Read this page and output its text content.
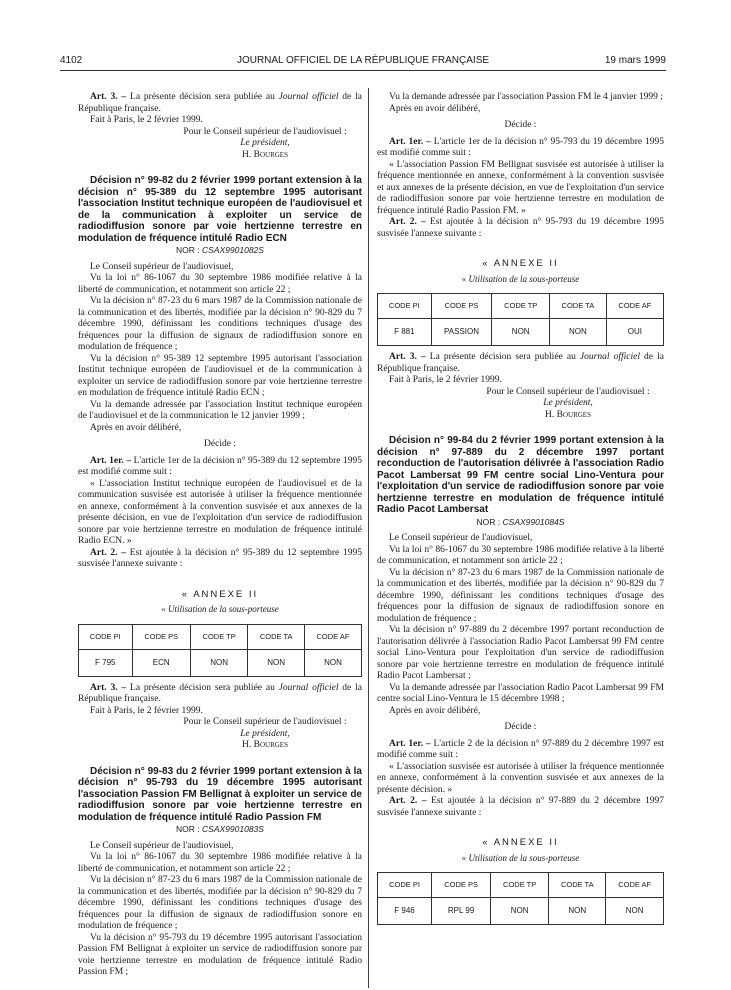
4102	JOURNAL OFFICIEL DE LA RÉPUBLIQUE FRANÇAISE	19 mars 1999

Art. 3. – La présente décision sera publiée au Journal officiel de la République française.

Fait à Paris, le 2 février 1999.

Pour le Conseil supérieur de l'audiovisuel :
Le président,
H. Bourges

Décision n° 99-82 du 2 février 1999 portant extension à la décision n° 95-389 du 12 septembre 1995 autorisant l'association Institut technique européen de l'audiovisuel et de la communication à exploiter un service de radiodiffusion sonore par voie hertzienne terrestre en modulation de fréquence intitulé Radio ECN

NOR : CSAX9901082S

Le Conseil supérieur de l'audiovisuel,

Vu la loi n° 86-1067 du 30 septembre 1986 modifiée relative à la liberté de communication, et notamment son article 22 ;

Vu la décision n° 87-23 du 6 mars 1987 de la Commission nationale de la communication et des libertés, modifiée par la décision n° 90-829 du 7 décembre 1990, définissant les conditions techniques d'usage des fréquences pour la diffusion de signaux de radiodiffusion sonore en modulation de fréquence ;

Vu la décision n° 95-389 12 septembre 1995 autorisant l'association Institut technique européen de l'audiovisuel et de la communication à exploiter un service de radiodiffusion sonore par voie hertzienne terrestre en modulation de fréquence intitulé Radio ECN ;

Vu la demande adressée par l'association Institut technique européen de l'audiovisuel et de la communication le 12 janvier 1999 ;

Après en avoir délibéré,

Décide :

Art. 1er. – L'article 1er de la décision n° 95-389 du 12 septembre 1995 est modifié comme suit :

« L'association Institut technique européen de l'audiovisuel et de la communication susvisée est autorisée à utiliser la fréquence mentionnée en annexe, conformément à la convention susvisée et aux annexes de la présente décision, en vue de l'exploitation d'un service de radiodiffusion sonore par voie hertzienne terrestre en modulation de fréquence intitulé Radio ECN. »

Art. 2. – Est ajoutée à la décision n° 95-389 du 12 septembre 1995 susvisée l'annexe suivante :

« ANNEXE II
« Utilisation de la sous-porteuse
CODE PI	CODE PS	CODE TP	CODE TA	CODE AF
F 795	ECN	NON	NON	NON

Art. 3. – La présente décision sera publiée au Journal officiel de la République française.

Fait à Paris, le 2 février 1999.

Pour le Conseil supérieur de l'audiovisuel :
Le président,
H. Bourges

Décision n° 99-83 du 2 février 1999 portant extension à la décision n° 95-793 du 19 décembre 1995 autorisant l'association Passion FM Bellignat à exploiter un service de radiodiffusion sonore par voie hertzienne terrestre en modulation de fréquence intitulé Radio Passion FM

NOR : CSAX9901083S

Le Conseil supérieur de l'audiovisuel,

Vu la loi n° 86-1067 du 30 septembre 1986 modifiée relative à la liberté de communication, et notamment son article 22 ;

Vu la décision n° 87-23 du 6 mars 1987 de la Commission nationale de la communication et des libertés, modifiée par la décision n° 90-829 du 7 décembre 1990, définissant les conditions techniques d'usage des fréquences pour la diffusion de signaux de radiodiffusion sonore en modulation de fréquence ;

Vu la décision n° 95-793 du 19 décembre 1995 autorisant l'association Passion FM Bellignat à exploiter un service de radiodiffusion sonore par voie hertzienne terrestre en modulation de fréquence intitulé Radio Passion FM ;

Vu la demande adressée par l'association Passion FM le 4 janvier 1999 ;

Après en avoir délibéré,

Décide :

Art. 1er. – L'article 1er de la décision n° 95-793 du 19 décembre 1995 est modifié comme suit :

« L'association Passion FM Bellignat susvisée est autorisée à utiliser la fréquence mentionnée en annexe, conformément à la convention susvisée et aux annexes de la présente décision, en vue de l'exploitation d'un service de radiodiffusion sonore par voie hertzienne terrestre en modulation de fréquence intitulé Radio Passion FM. »

Art. 2. – Est ajoutée à la décision n° 95-793 du 19 décembre 1995 susvisée l'annexe suivante :

« ANNEXE II
« Utilisation de la sous-porteuse
CODE PI	CODE PS	CODE TP	CODE TA	CODE AF
F 881	PASSION	NON	NON	OUI

Art. 3. – La présente décision sera publiée au Journal officiel de la République française.

Fait à Paris, le 2 février 1999.

Pour le Conseil supérieur de l'audiovisuel :
Le président,
H. Bourges

Décision n° 99-84 du 2 février 1999 portant extension à la décision n° 97-889 du 2 décembre 1997 portant reconduction de l'autorisation délivrée à l'association Radio Pacot Lambersat 99 FM centre social Lino-Ventura pour l'exploitation d'un service de radiodiffusion sonore par voie hertzienne terrestre en modulation de fréquence intitulé Radio Pacot Lambersat

NOR : CSAX9901084S

Le Conseil supérieur de l'audiovisuel,

Vu la loi n° 86-1067 du 30 septembre 1986 modifiée relative à la liberté de communication, et notamment son article 22 ;

Vu la décision n° 87-23 du 6 mars 1987 de la Commission nationale de la communication et des libertés, modifiée par la décision n° 90-829 du 7 décembre 1990, définissant les conditions techniques d'usage des fréquences pour la diffusion de signaux de radiodiffusion sonore en modulation de fréquence ;

Vu la décision n° 97-889 du 2 décembre 1997 portant reconduction de l'autorisation délivrée à l'association Radio Pacot Lambersat 99 FM centre social Lino-Ventura pour l'exploitation d'un service de radiodiffusion sonore par voie hertzienne terrestre en modulation de fréquence intitulé Radio Pacot Lambersat ;

Vu la demande adressée par l'association Radio Pacot Lambersat 99 FM centre social Lino-Ventura le 15 décembre 1998 ;

Après en avoir délibéré,

Décide :

Art. 1er. – L'article 2 de la décision n° 97-889 du 2 décembre 1997 est modifié comme suit :

« L'association susvisée est autorisée à utiliser la fréquence mentionnée en annexe, conformément à la convention susvisée et aux annexes de la présente décision. »

Art. 2. – Est ajoutée à la décision n° 97-889 du 2 décembre 1997 susvisée l'annexe suivante :

« ANNEXE II
« Utilisation de la sous-porteuse
CODE PI	CODE PS	CODE TP	CODE TA	CODE AF
F 946	RPL 99	NON	NON	NON
